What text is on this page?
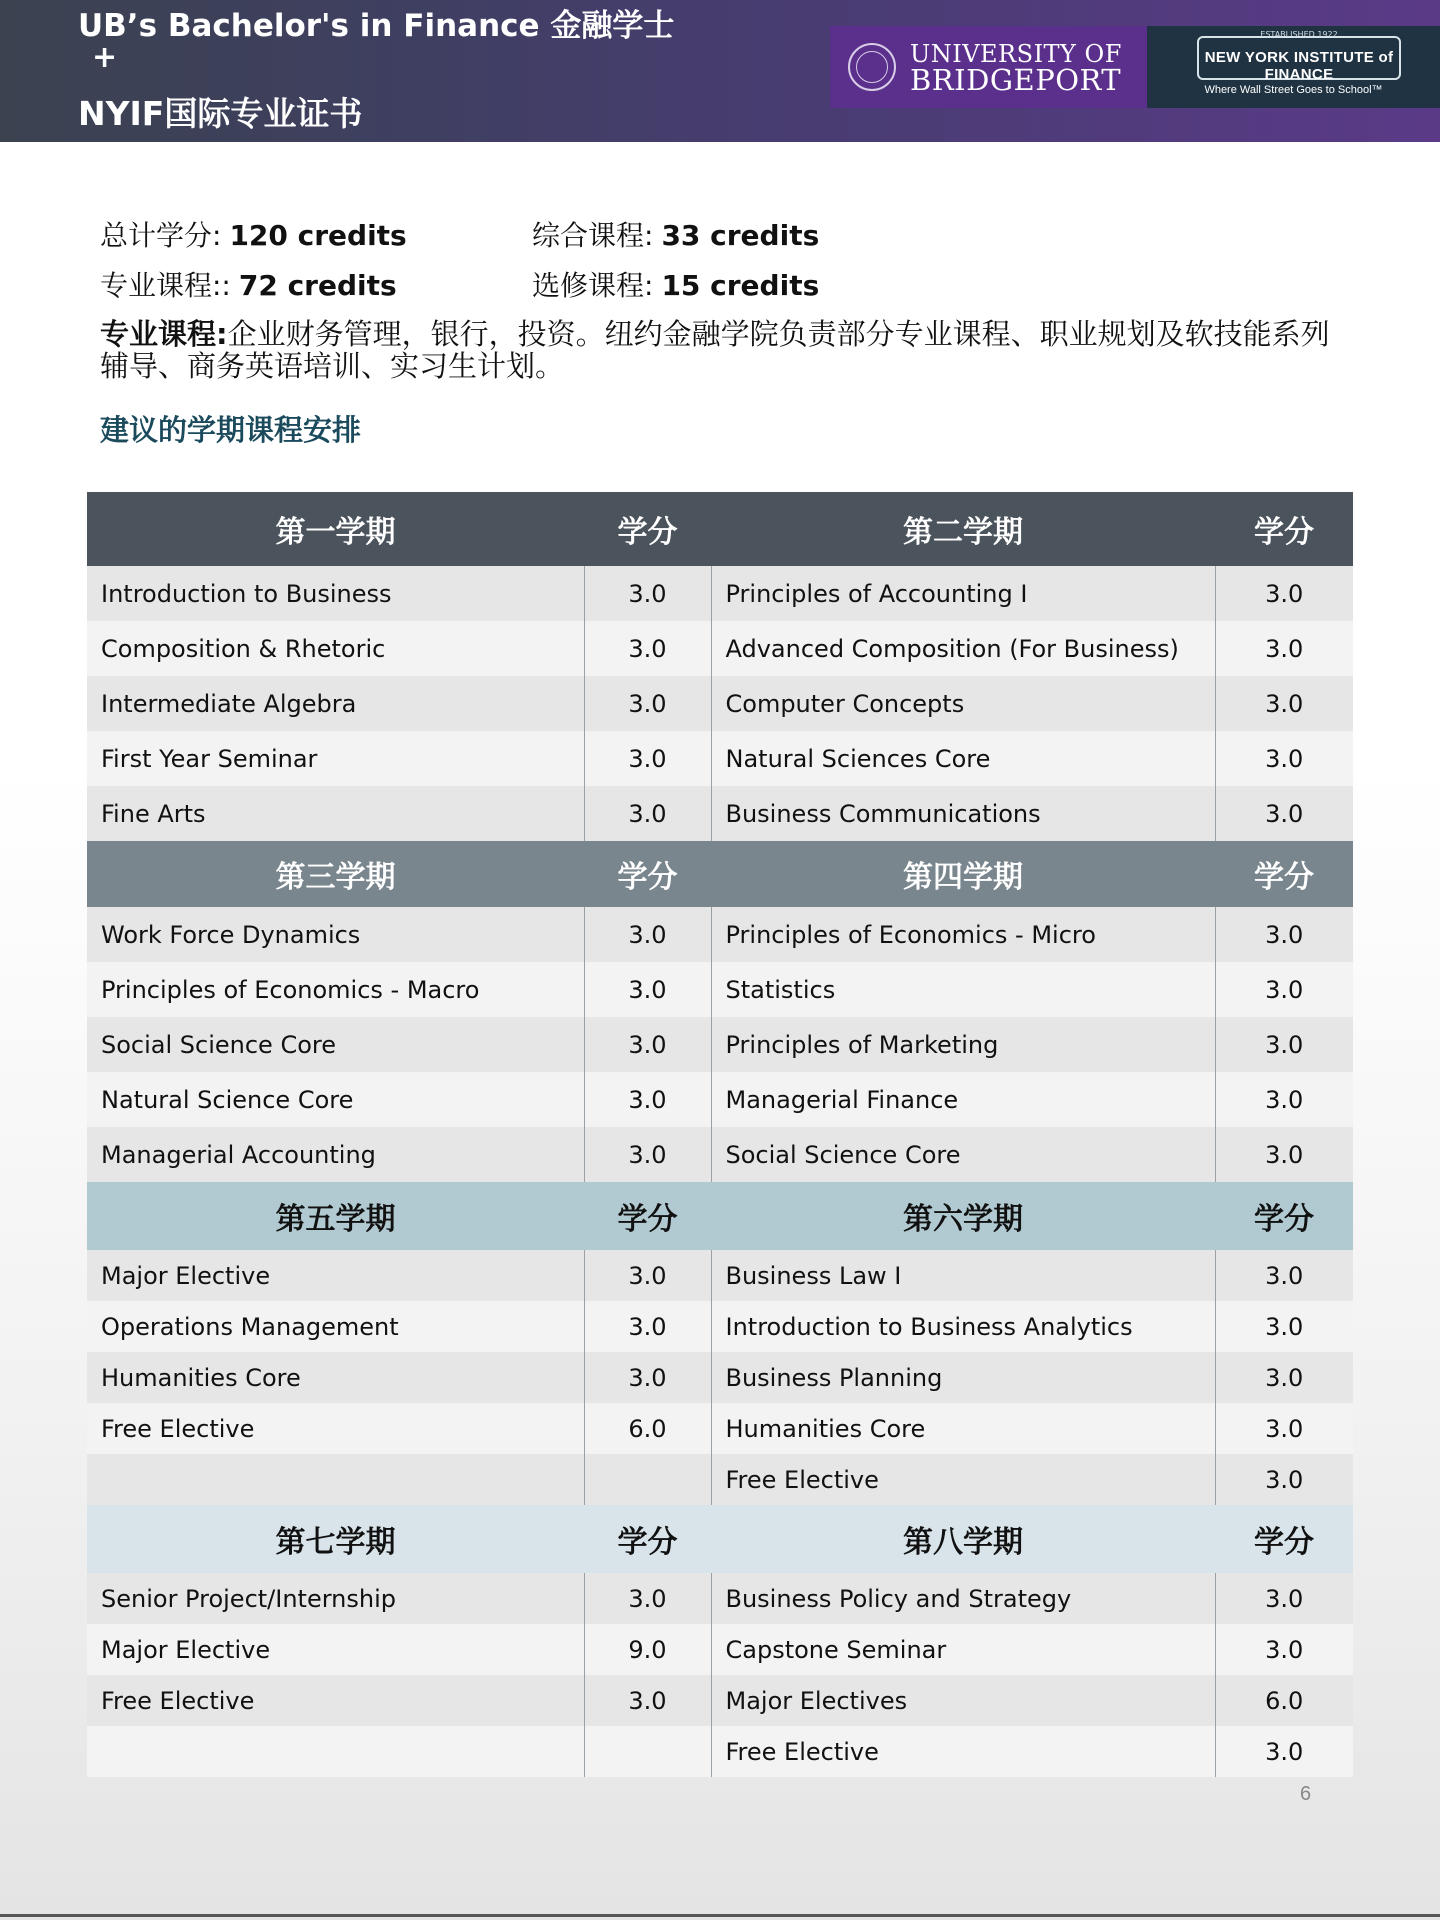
UB’s Bachelor's in Finance 金融学士
+
NYIF国际专业证书
UNIVERSITY OF
BRIDGEPORT
ESTABLISHED 1922
NEW YORK INSTITUTE of FINANCE
Where Wall Street Goes to School™
总计学分: 120 credits	综合课程: 33 credits
专业课程:: 72 credits	选修课程: 15 credits
专业课程:企业财务管理，银行，投资。纽约金融学院负责部分专业课程、职业规划及软技能系列辅导、商务英语培训、实习生计划。
建议的学期课程安排
第一学期	学分	第二学期	学分
Introduction to Business	3.0	Principles of Accounting I	3.0
Composition & Rhetoric	3.0	Advanced Composition (For Business)	3.0
Intermediate Algebra	3.0	Computer Concepts	3.0
First Year Seminar	3.0	Natural Sciences Core	3.0
Fine Arts	3.0	Business Communications	3.0
第三学期	学分	第四学期	学分
Work Force Dynamics	3.0	Principles of Economics - Micro	3.0
Principles of Economics - Macro	3.0	Statistics	3.0
Social Science Core	3.0	Principles of Marketing	3.0
Natural Science Core	3.0	Managerial Finance	3.0
Managerial Accounting	3.0	Social Science Core	3.0
第五学期	学分	第六学期	学分
Major Elective	3.0	Business Law I	3.0
Operations Management	3.0	Introduction to Business Analytics	3.0
Humanities Core	3.0	Business Planning	3.0
Free Elective	6.0	Humanities Core	3.0
		Free Elective	3.0
第七学期	学分	第八学期	学分
Senior Project/Internship	3.0	Business Policy and Strategy	3.0
Major Elective	9.0	Capstone Seminar	3.0
Free Elective	3.0	Major Electives	6.0
		Free Elective	3.0
6
